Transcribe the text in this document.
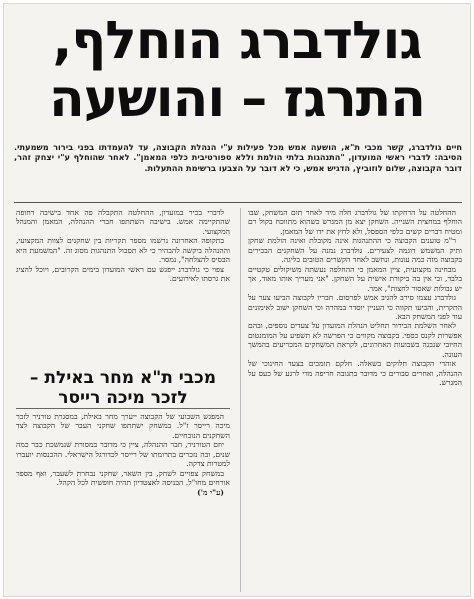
גולדברג הוחלף,
התרגז – והושעה
חיים גולדברג, קשר מכבי ת"א, הושעה אמש מכל פעילות ע"י הנהלת הקבוצה, עד להעמדתו בפני בירור משמעתי. הסיבה: לדברי ראשי המועדון, "התנהגות בלתי הולמת וללא ספורטיבית כלפי המאמן". לאחר שהוחלף ע"י יצחק זהר, דובר הקבוצה, שלום לוזוביץ, הדגיש אמש, כי לא דובר על הצבעו ברשימת ההתעלות.

ההחלטה על הרחקתו של גולדברג חלה מיד לאחר תום המשחק, שבו הוחלף במחצית השנייה. השחקן יצא מן המגרש כשהוא מתווכח בקול רם ומטיח דברים קשים כלפי הספסל, ולא לחץ את ידו של המאמן.

ר"מ טוענים הקבוצה כי ההתנהגות אינה מקובלת ואינה הולמת שחקן ותיק המשמש דוגמה לצעירים. גולדברג נמנה על השחקנים הבכירים בקבוצה מזה כמה עונות, ונחשב לאחד הקשרים הטובים בליגה.

מבחינה מקצועית, ציין המאמן כי ההחלפה נעשתה משיקולים טקטיים בלבד, וכי אין בה ביקורת אישית על השחקן. "אני מעריך אותו מאוד, אך יש גבולות שאסור לחצות", אמר.

גולדברג עצמו סירב להגיב אמש לפרסום. חבריו לקבוצה הביעו צער על התקרית, והביעו תקווה כי העניין יוסדר במהרה וכי השחקן ישוב לאימונים עוד לפני המשחק הבא.

לאחר השלמת הבירור תחליט הנהלת המועדון על צעדים נוספים, ובהם אפשרות לקנס כספי. בקבוצה מקווים כי הפרשה לא תשפיע על המומנטום החיובי שנבנה בשבועות האחרונים, לקראת המשחקים המכריעים בהמשך העונה.

אוהדי הקבוצה חלוקים בשאלה. חלקם תומכים בצעד החינוכי של ההנהלה, ואחרים סבורים כי מדובר בתגובה חריפה מדי לרגע של כעס על המגרש.

לדברי בכיר במועדון, ההחלטה התקבלה פה אחד בישיבה דחופה שהתקיימה אמש. בישיבה השתתפו חברי ההנהלה, המאמן והמנהל המקצועי.

בתקופה האחרונה נרשמו מספר תקריות בין שחקנים לצוות המקצועי, וההנהלה ביקשה להבהיר כי לא תסבול התנהגות מסוג זה. "המשמעת היא הבסיס להצלחה", נמסר.

צפוי כי גולדברג ייפגש עם ראשי המועדון בימים הקרובים, ויוכל להציג את גרסתו לאירועים.

מכבי ת"א מחר באילת – לזכר מיכה רייסר

המפגש השבועי של הקבוצה ייערך מחר באילת, במסגרת טורניר לזכר מיכה רייסר ז"ל. במשחק ישתתפו שחקני העבר של הקבוצה לצד השחקנים הנוכחיים.

יוזם הטורניר, חבר ההנהלה, ציין כי מדובר במסורת שנמשכת כבר כמה שנים, ובה נזכרים בתרומתו של רייסר לכדורגל הישראלי. ההכנסות יועברו למטרות צדקה.

במשחק צפויים לשחק, בין השאר, שחקני נבחרת לשעבר, ואף מספר אורחים מחו"ל. הכניסה לאצטדיון תהיה חופשית לכל הקהל.

(ע"י מ')
